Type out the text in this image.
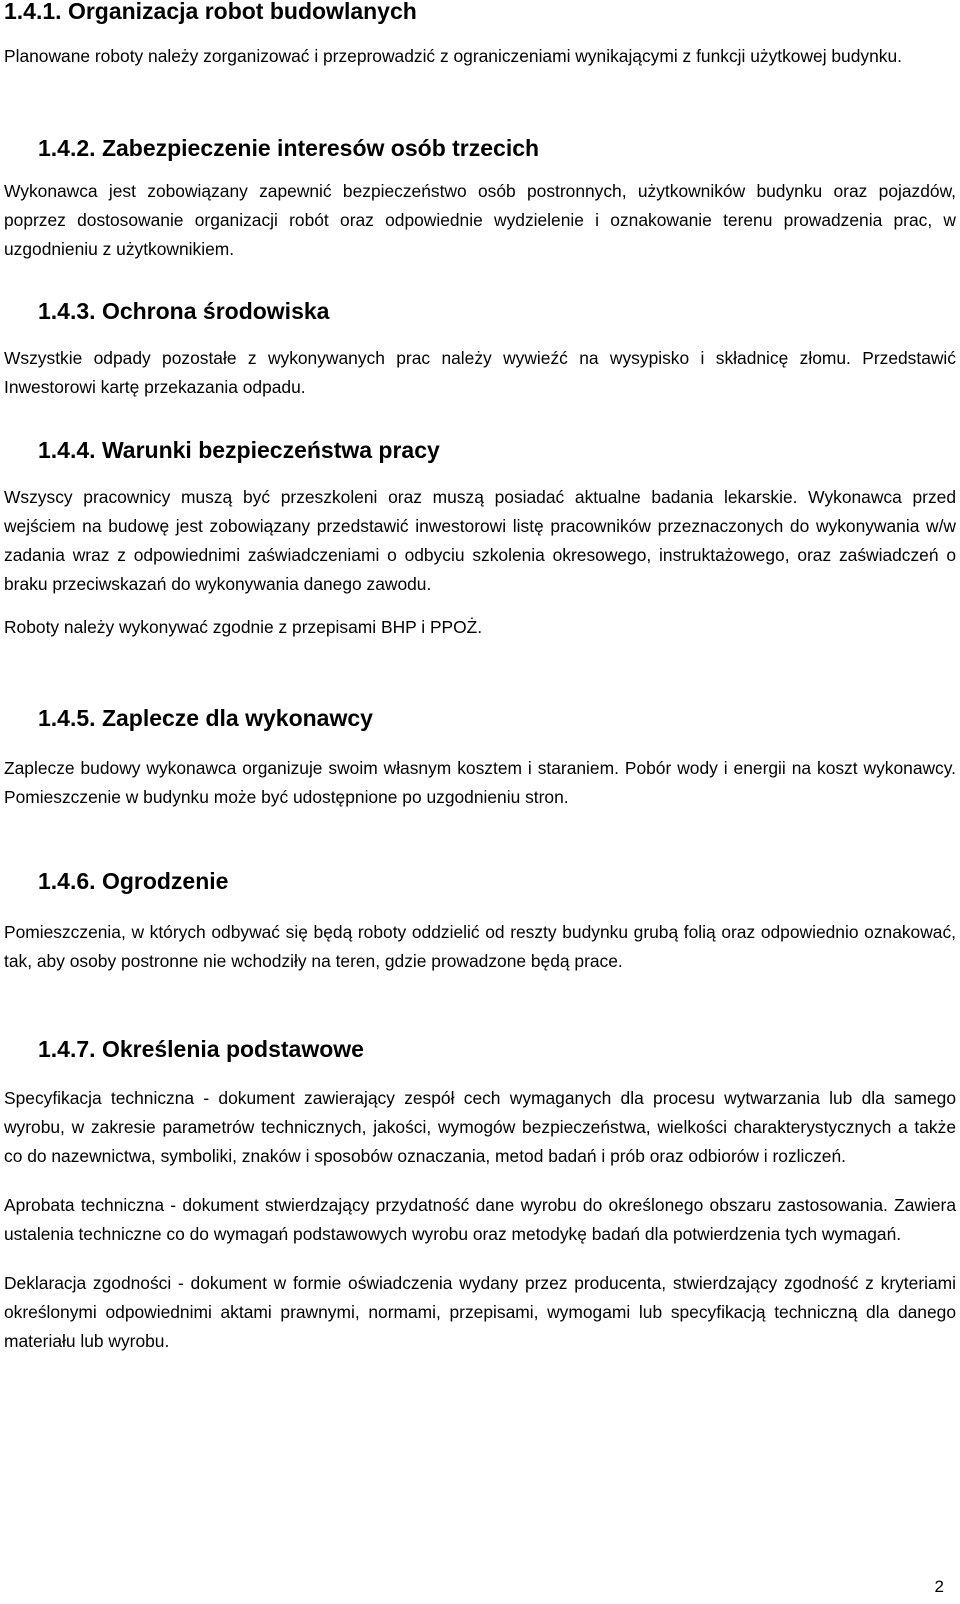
1.4.1. Organizacja robot budowlanych

Planowane roboty należy zorganizować i przeprowadzić z ograniczeniami wynikającymi z funkcji użytkowej budynku.

1.4.2. Zabezpieczenie interesów osób trzecich

Wykonawca jest zobowiązany zapewnić bezpieczeństwo osób postronnych, użytkowników budynku oraz pojazdów, poprzez dostosowanie organizacji robót oraz odpowiednie wydzielenie i oznakowanie terenu prowadzenia prac, w uzgodnieniu z użytkownikiem.

1.4.3. Ochrona środowiska

Wszystkie odpady pozostałe z wykonywanych prac należy wywieźć na wysypisko i składnicę złomu. Przedstawić Inwestorowi kartę przekazania odpadu.

1.4.4. Warunki bezpieczeństwa pracy

Wszyscy pracownicy muszą być przeszkoleni oraz muszą posiadać aktualne badania lekarskie. Wykonawca przed wejściem na budowę jest zobowiązany przedstawić inwestorowi listę pracowników przeznaczonych do wykonywania w/w zadania wraz z odpowiednimi zaświadczeniami o odbyciu szkolenia okresowego, instruktażowego, oraz zaświadczeń o braku przeciwskazań do wykonywania danego zawodu.

Roboty należy wykonywać zgodnie z przepisami BHP i PPOŻ.

1.4.5. Zaplecze dla wykonawcy

Zaplecze budowy wykonawca organizuje swoim własnym kosztem i staraniem. Pobór wody i energii na koszt wykonawcy. Pomieszczenie w budynku może być udostępnione po uzgodnieniu stron.

1.4.6. Ogrodzenie

Pomieszczenia, w których odbywać się będą roboty oddzielić od reszty budynku grubą folią oraz odpowiednio oznakować, tak, aby osoby postronne nie wchodziły na teren, gdzie prowadzone będą prace.

1.4.7. Określenia podstawowe

Specyfikacja techniczna - dokument zawierający zespół cech wymaganych dla procesu wytwarzania lub dla samego wyrobu, w zakresie parametrów technicznych, jakości, wymogów bezpieczeństwa, wielkości charakterystycznych a także co do nazewnictwa, symboliki, znaków i sposobów oznaczania, metod badań i prób oraz odbiorów i rozliczeń.

Aprobata techniczna - dokument stwierdzający przydatność dane wyrobu do określonego obszaru zastosowania. Zawiera ustalenia techniczne co do wymagań podstawowych wyrobu oraz metodykę badań dla potwierdzenia tych wymagań.

Deklaracja zgodności - dokument w formie oświadczenia wydany przez producenta, stwierdzający zgodność z kryteriami określonymi odpowiednimi aktami prawnymi, normami, przepisami, wymogami lub specyfikacją techniczną dla danego materiału lub wyrobu.

2
